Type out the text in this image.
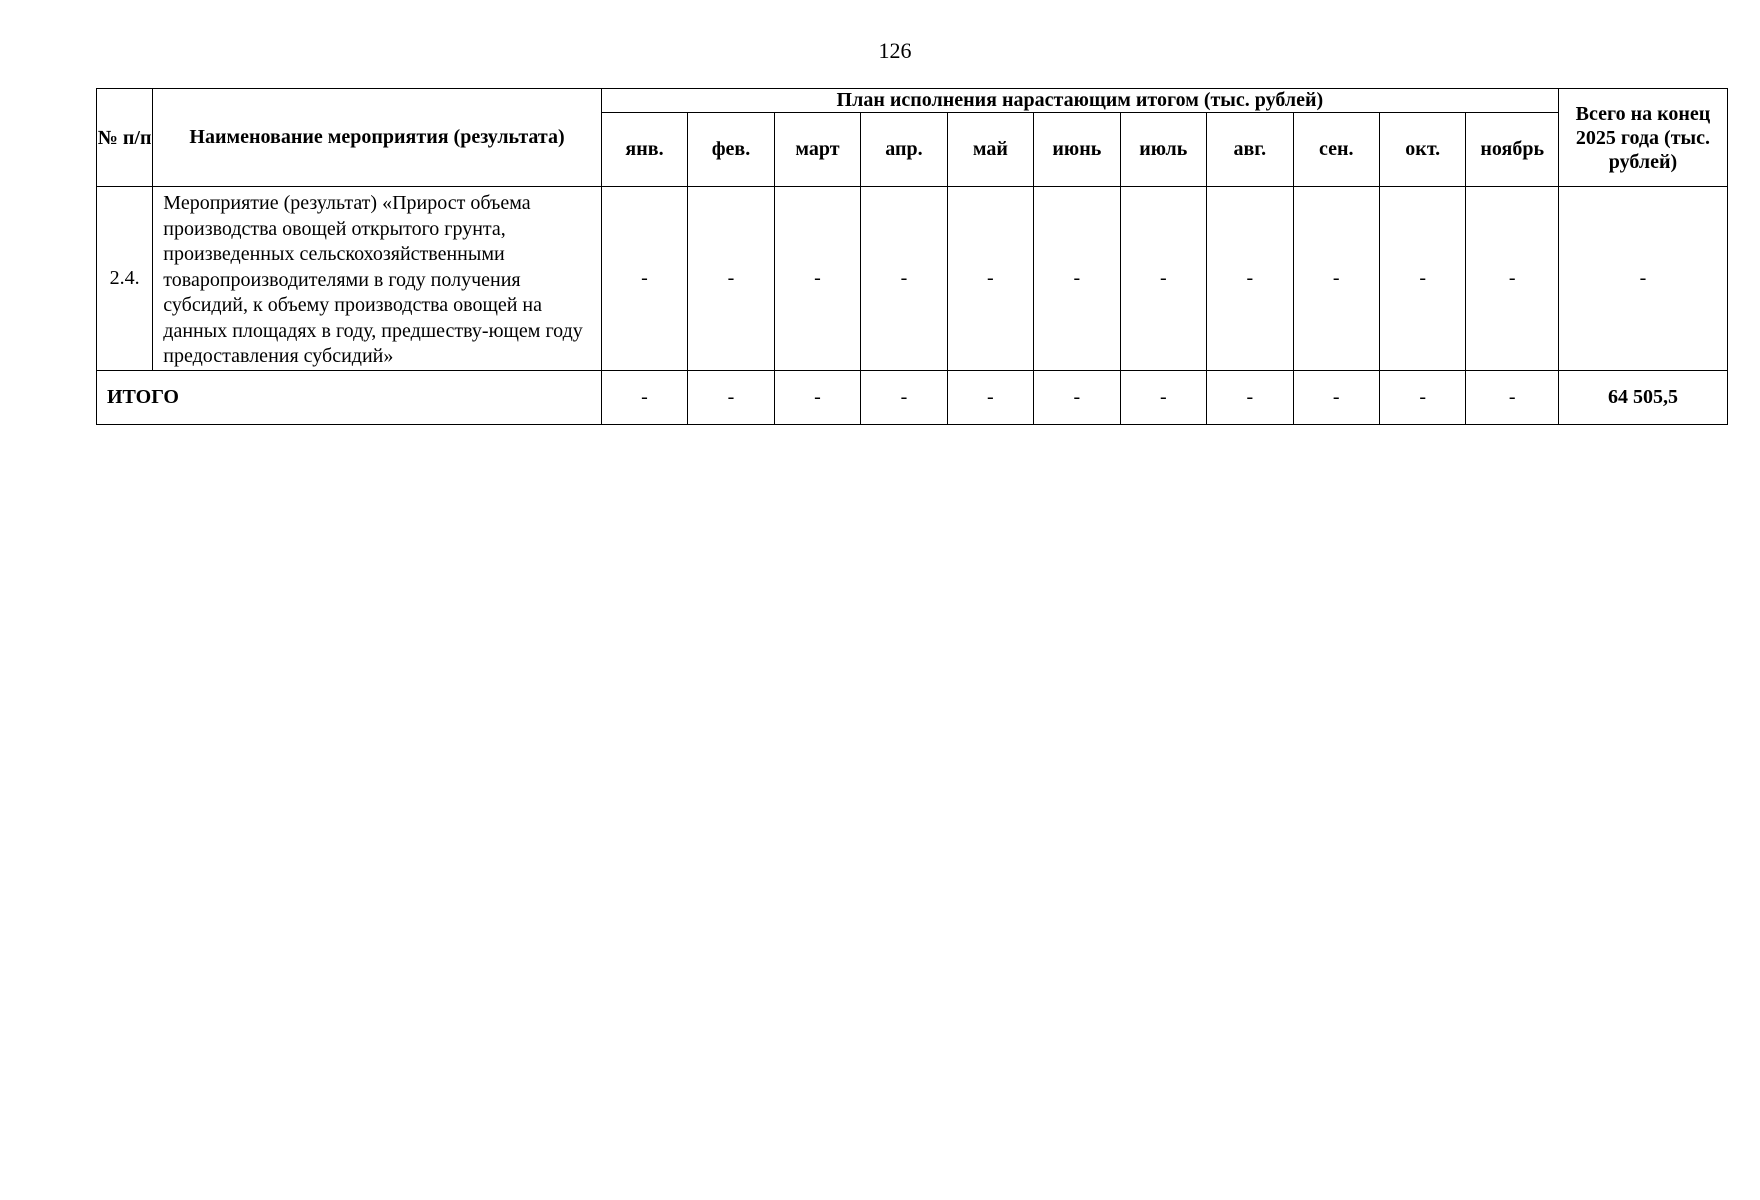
126
№ п/п	Наименование мероприятия (результата)	План исполнения нарастающим итогом (тыс. рублей)											Всего на конец 2025 года (тыс. рублей)
		янв.	фев.	март	апр.	май	июнь	июль	авг.	сен.	окт.	ноябрь	
2.4.	Мероприятие (результат) «Прирост объема производства овощей открытого грунта, произведенных сельскохозяйственными товаропроизводителями в году получения субсидий, к объему производства овощей на данных площадях в году, предшеству-ющем году предоставления субсидий»	-	-	-	-	-	-	-	-	-	-	-	-
ИТОГО		-	-	-	-	-	-	-	-	-	-	-	64 505,5
